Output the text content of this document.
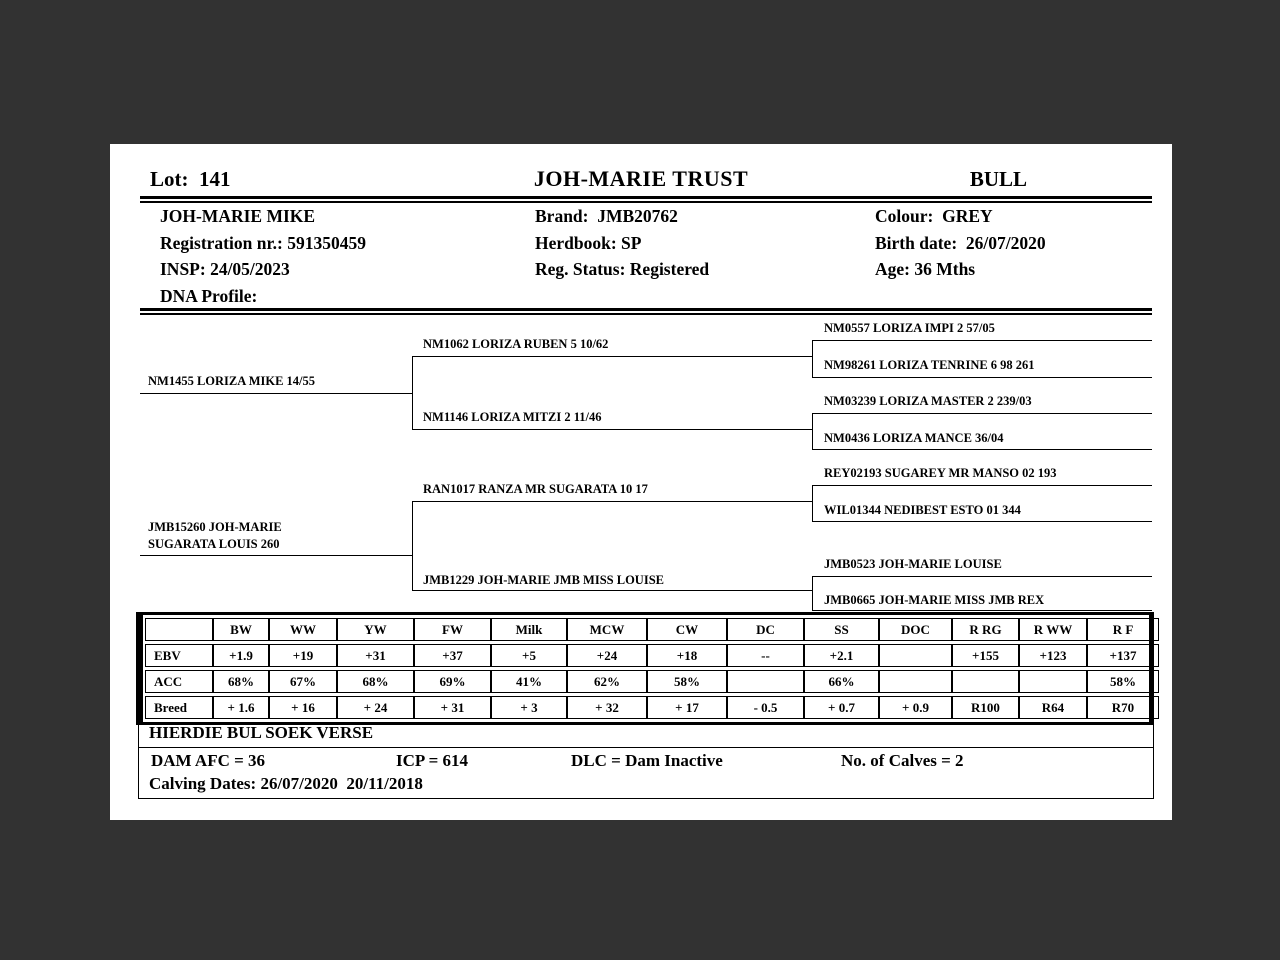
Lot:  141	JOH-MARIE TRUST	BULL
JOH-MARIE MIKE
Registration nr.: 591350459
INSP: 24/05/2023
DNA Profile:
Brand:  JMB20762
Herdbook: SP
Reg. Status: Registered
Colour:  GREY
Birth date:  26/07/2020
Age: 36 Mths
NM1455 LORIZA MIKE 14/55
JMB15260 JOH-MARIE
SUGARATA LOUIS 260
NM1062 LORIZA RUBEN 5 10/62
NM1146 LORIZA MITZI 2 11/46
RAN1017 RANZA MR SUGARATA 10 17
JMB1229 JOH-MARIE JMB MISS LOUISE
NM0557 LORIZA IMPI 2 57/05
NM98261 LORIZA TENRINE 6 98 261
NM03239 LORIZA MASTER 2 239/03
NM0436 LORIZA MANCE 36/04
REY02193 SUGAREY MR MANSO 02 193
WIL01344 NEDIBEST ESTO 01 344
JMB0523 JOH-MARIE LOUISE
JMB0665 JOH-MARIE MISS JMB REX
	BW	WW	YW	FW	Milk	MCW	CW	DC	SS	DOC	R RG	R WW	R F
EBV	+1.9	+19	+31	+37	+5	+24	+18	--	+2.1		+155	+123	+137
ACC	68%	67%	68%	69%	41%	62%	58%		66%				58%
Breed	+ 1.6	+ 16	+ 24	+ 31	+ 3	+ 32	+ 17	- 0.5	+ 0.7	+ 0.9	R100	R64	R70
HIERDIE BUL SOEK VERSE
DAM AFC = 36	ICP = 614	DLC = Dam Inactive	No. of Calves = 2
Calving Dates: 26/07/2020  20/11/2018
